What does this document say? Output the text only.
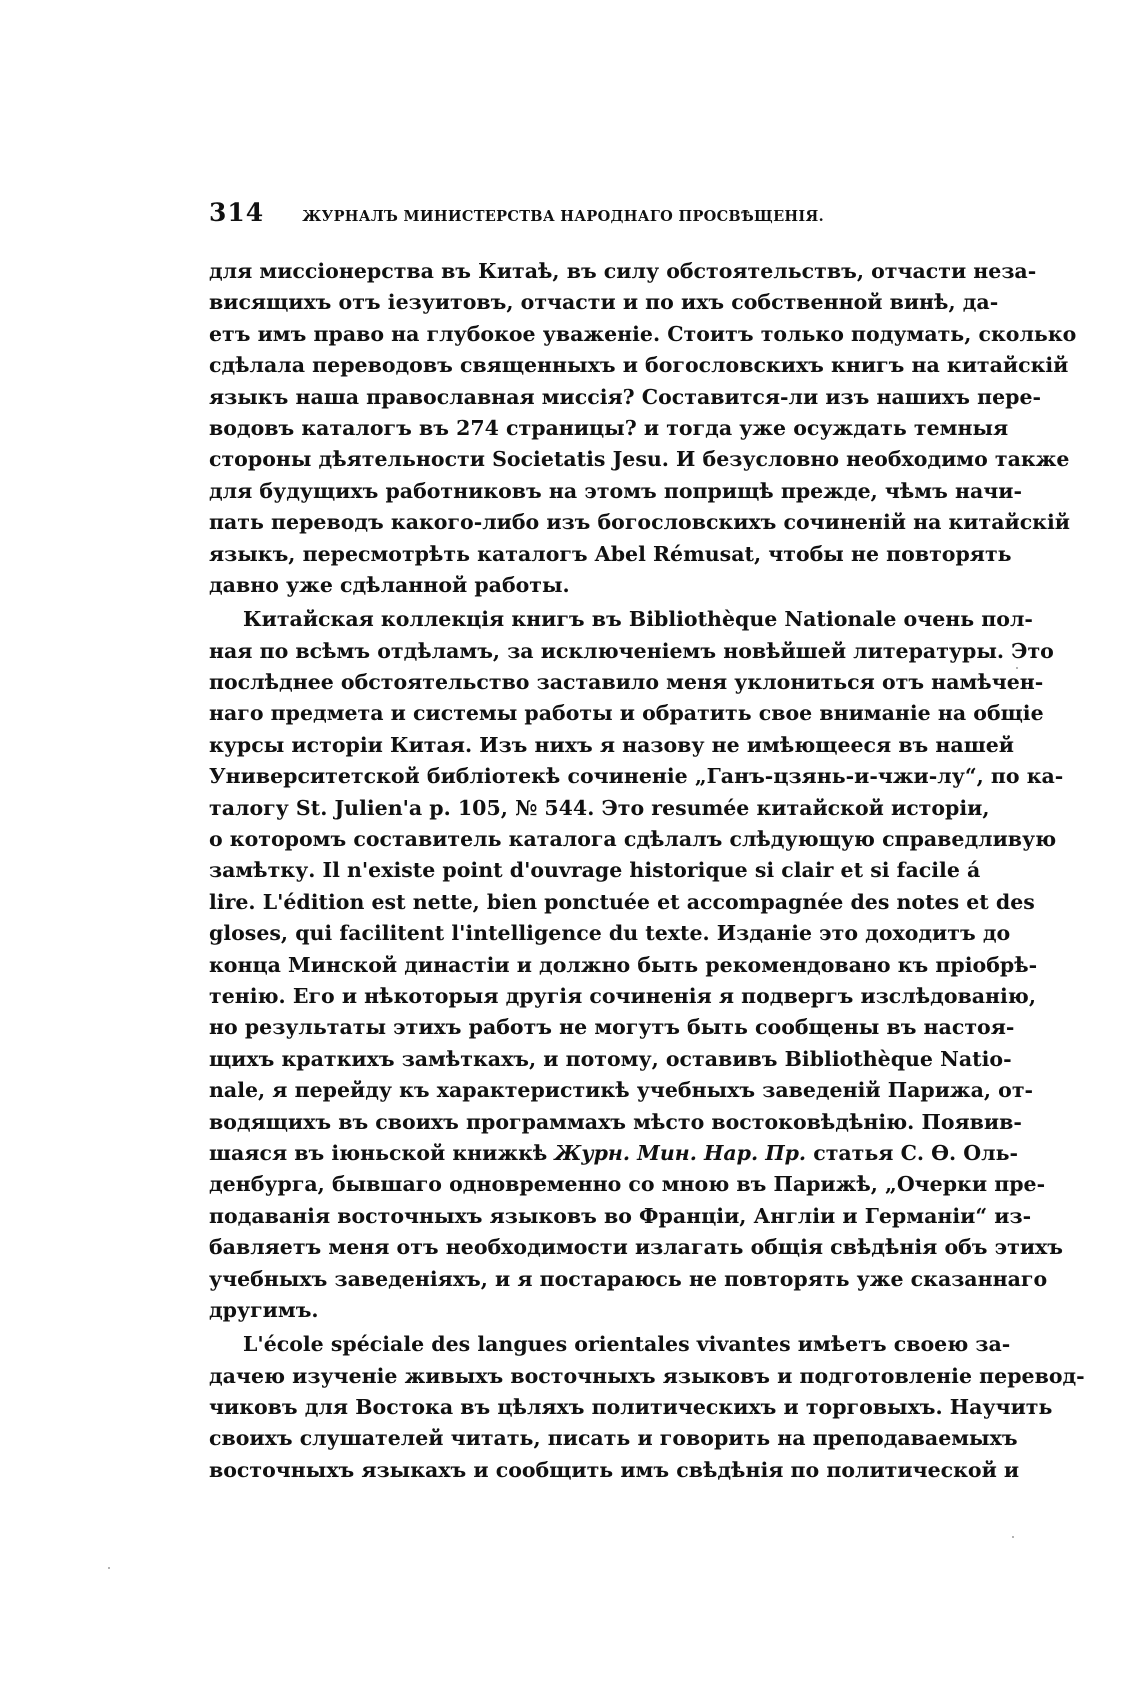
314	ЖУРНАЛЪ МИНИСТЕРСТВА НАРОДНАГО ПРОСВѢЩЕНІЯ.

для миссіонерства въ Китаѣ, въ силу обстоятельствъ, отчасти неза-
висящихъ отъ іезуитовъ, отчасти и по ихъ собственной винѣ, да-
етъ имъ право на глубокое уваженіе. Стоитъ только подумать, сколько
сдѣлала переводовъ священныхъ и богословскихъ книгъ на китайскій
языкъ наша православная миссія? Составится-ли изъ нашихъ пере-
водовъ каталогъ въ 274 страницы? и тогда уже осуждать темныя
стороны дѣятельности Societatis Jesu. И безусловно необходимо также
для будущихъ работниковъ на этомъ поприщѣ прежде, чѣмъ начи-
пать переводъ какого-либо изъ богословскихъ сочиненій на китайскій
языкъ, пересмотрѣть каталогъ Abel Rémusat, чтобы не повторять
давно уже сдѣланной работы.

Китайская коллекція книгъ въ Bibliothèque Nationale очень пол-
ная по всѣмъ отдѣламъ, за исключеніемъ новѣйшей литературы. Это
послѣднее обстоятельство заставило меня уклониться отъ намѣчен-
наго предмета и системы работы и обратить свое вниманіе на общіе
курсы исторіи Китая. Изъ нихъ я назову не имѣющееся въ нашей
Университетской библіотекѣ сочиненіе „Ганъ-цзянь-и-чжи-лу“, по ка-
талогу St. Julien'a p. 105, № 544. Это resumée китайской исторіи,
о которомъ составитель каталога сдѣлалъ слѣдующую справедливую
замѣтку. Il n'existe point d'ouvrage historique si clair et si facile á
lire. L'édition est nette, bien ponctuée et accompagnée des notes et des
gloses, qui facilitent l'intelligence du texte. Изданіе это доходитъ до
конца Минской династіи и должно быть рекомендовано къ пріобрѣ-
тенію. Его и нѣкоторыя другія сочиненія я подвергъ изслѣдованію,
но результаты этихъ работъ не могутъ быть сообщены въ настоя-
щихъ краткихъ замѣткахъ, и потому, оставивъ Bibliothèque Natio-
nale, я перейду къ характеристикѣ учебныхъ заведеній Парижа, от-
водящихъ въ своихъ программахъ мѣсто востоковѣдѣнію. Появив-
шаяся въ іюньской книжкѣ Журн. Мин. Нар. Пр. статья С. Ѳ. Оль-
денбурга, бывшаго одновременно со мною въ Парижѣ, „Очерки пре-
подаванія восточныхъ языковъ во Франціи, Англіи и Германіи“ из-
бавляетъ меня отъ необходимости излагать общія свѣдѣнія объ этихъ
учебныхъ заведеніяхъ, и я постараюсь не повторять уже сказаннаго
другимъ.

L'école spéciale des langues orientales vivantes имѣетъ своею за-
дачею изученіе живыхъ восточныхъ языковъ и подготовленіе перевод-
чиковъ для Востока въ цѣляхъ политическихъ и торговыхъ. Научить
своихъ слушателей читать, писать и говорить на преподаваемыхъ
восточныхъ языкахъ и сообщить имъ свѣдѣнія по политической и
